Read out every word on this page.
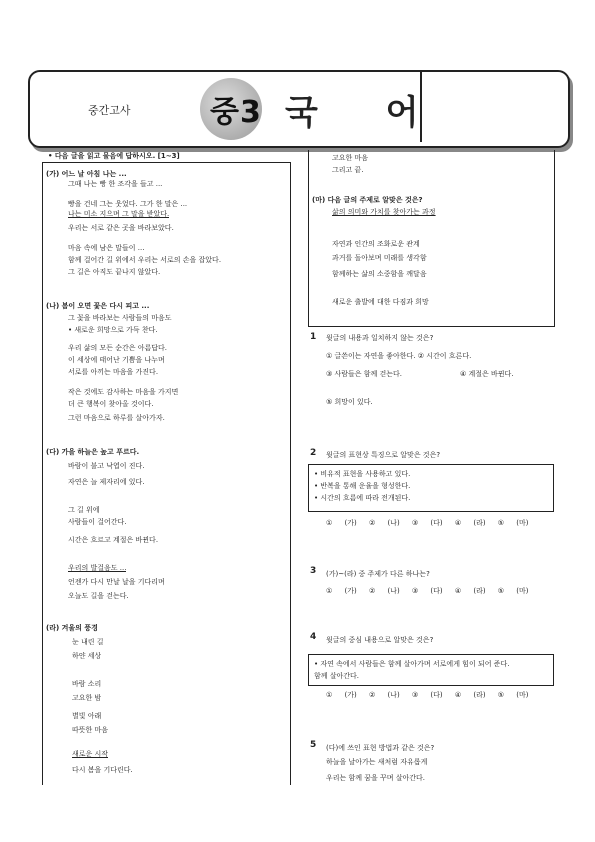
중간고사	중3 국 어
• 다음 글을 읽고 물음에 답하시오. [1~3]
(가) 어느 날 아침 나는 ...
그때 나는 빵 한 조각을 들고 ...
빵을 건네 그는 웃었다. 그가 한 말은 ...
나는 미소 지으며 그 말을 받았다.
우리는 서로 같은 곳을 바라보았다.
마음 속에 남은 말들이 ...
함께 걸어간 길 위에서 우리는 서로의 손을 잡았다.
그 길은 아직도 끝나지 않았다.
(나) 봄이 오면 꽃은 다시 피고 ...
그 꽃을 바라보는 사람들의 마음도
• 새로운 희망으로 가득 찬다.
우리 삶의 모든 순간은 아름답다.
이 세상에 태어난 기쁨을 나누며
서로를 아끼는 마음을 가진다.
작은 것에도 감사하는 마음을 가지면
더 큰 행복이 찾아올 것이다.
그런 마음으로 하루를 살아가자.
(다) 가을 하늘은 높고 푸르다.
바람이 불고 낙엽이 진다.
자연은 늘 제자리에 있다.
그 길 위에
사람들이 걸어간다.
시간은 흐르고 계절은 바뀐다.
우리의 발걸음도 ...
언젠가 다시 만날 날을 기다리며
오늘도 길을 걷는다.
(라) 겨울의 풍경
눈 내린 길
하얀 세상
바람 소리
고요한 밤
별빛 아래
따뜻한 마음
새로운 시작
다시 봄을 기다린다.
고요한 마음
그리고 끝.
(마) 다음 글의 주제로 알맞은 것은?
삶의 의미와 가치를 찾아가는 과정
자연과 인간의 조화로운 관계
과거를 돌아보며 미래를 생각함
함께하는 삶의 소중함을 깨달음
새로운 출발에 대한 다짐과 희망
1 윗글의 내용과 일치하지 않는 것은?
① 글쓴이는 자연을 좋아한다. ② 시간이 흐른다.
③ 사람들은 함께 걷는다.	④ 계절은 바뀐다.
⑤ 희망이 있다.
2 윗글의 표현상 특징으로 알맞은 것은?
• 비유적 표현을 사용하고 있다.
• 반복을 통해 운율을 형성한다.
• 시간의 흐름에 따라 전개된다.
① (가) ② (나) ③ (다) ④ (라) ⑤ (마)
3 (가)~(라) 중 주제가 다른 하나는?
① (가) ② (나) ③ (다) ④ (라) ⑤ (마)
4 윗글의 중심 내용으로 알맞은 것은?
• 자연 속에서 사람들은 함께 살아가며 서로에게 힘이 되어 준다.
함께 살아간다.
① (가) ② (나) ③ (다) ④ (라) ⑤ (마)
5 (다)에 쓰인 표현 방법과 같은 것은?
하늘을 날아가는 새처럼 자유롭게
우리는 함께 꿈을 꾸며 살아간다.
